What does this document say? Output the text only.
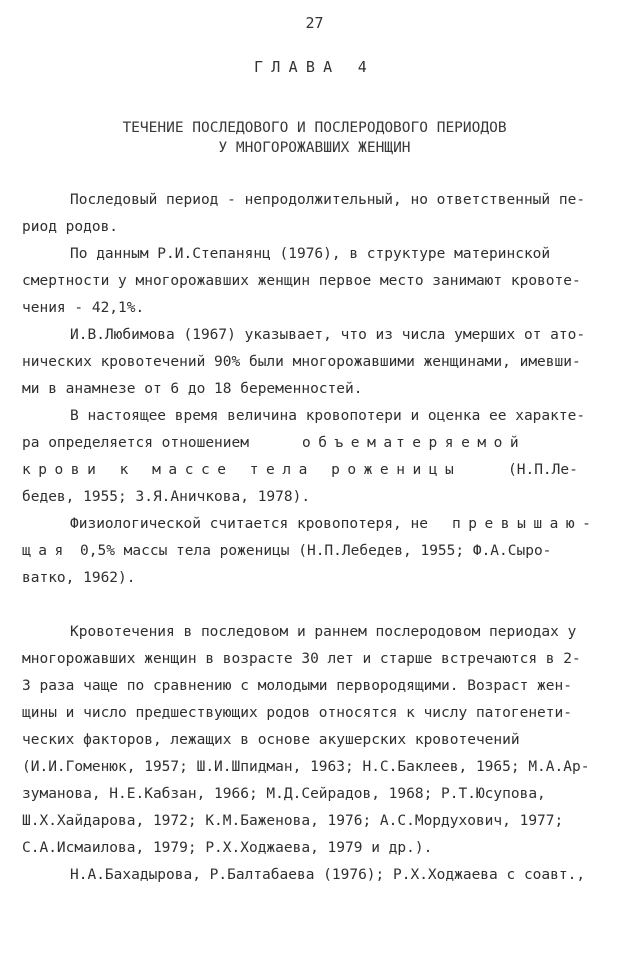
27
ГЛАВА 4
ТЕЧЕНИЕ ПОСЛЕДОВОГО И ПОСЛЕРОДОВОГО ПЕРИОДОВ
У МНОГОРОЖАВШИХ ЖЕНЩИН
Последовый период - непродолжительный, но ответственный пе-
риод родов.
По данным Р.И.Степанянц (1976), в структуре материнской
смертности у многорожавших женщин первое место занимают кровоте-
чения - 42,1%.
И.В.Любимова (1967) указывает, что из числа умерших от ато-
нических кровотечений 90% были многорожавшими женщинами, имевши-
ми в анамнезе от 6 до 18 беременностей.
В настоящее время величина кровопотери и оценка ее характе-
ра определяется отношением	объема
теряемой
крови к массе тела роженицы	(Н.П.Ле-
бедев, 1955; З.Я.Аничкова, 1978).
Физиологической считается кровопотеря, не превышаю-
щая 0,5% массы тела роженицы (Н.П.Лебедев, 1955; Ф.А.Сыро-
ватко, 1962).
Кровотечения в последовом и раннем послеродовом периодах у
многорожавших женщин в возрасте 30 лет и старше встречаются в 2-
3 раза чаще по сравнению с молодыми первородящими. Возраст жен-
щины и число предшествующих родов относятся к числу патогенети-
ческих факторов, лежащих в основе акушерских кровотечений
(И.И.Гоменюк, 1957; Ш.И.Шпидман, 1963; Н.С.Баклеев, 1965; М.А.Ар-
зуманова, Н.Е.Кабзан, 1966; М.Д.Сейрадов, 1968; Р.Т.Юсупова,
Ш.Х.Хайдарова, 1972; К.М.Баженова, 1976; А.С.Мордухович, 1977;
С.А.Исмаилова, 1979; Р.Х.Ходжаева, 1979 и др.).
Н.А.Бахадырова, Р.Балтабаева (1976); Р.Х.Ходжаева с соавт.,
